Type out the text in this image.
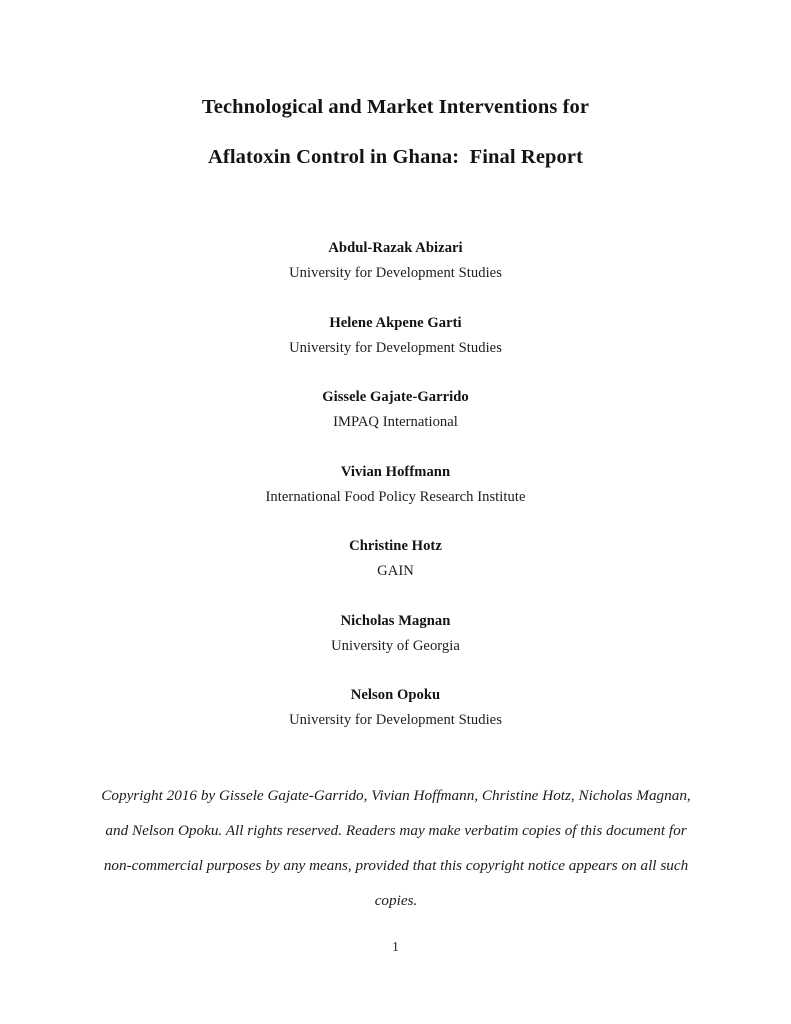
Technological and Market Interventions for
Aflatoxin Control in Ghana:  Final Report
Abdul-Razak Abizari
University for Development Studies
Helene Akpene Garti
University for Development Studies
Gissele Gajate-Garrido
IMPAQ International
Vivian Hoffmann
International Food Policy Research Institute
Christine Hotz
GAIN
Nicholas Magnan
University of Georgia
Nelson Opoku
University for Development Studies
Copyright 2016 by Gissele Gajate-Garrido, Vivian Hoffmann, Christine Hotz, Nicholas Magnan,
and Nelson Opoku. All rights reserved. Readers may make verbatim copies of this document for
non-commercial purposes by any means, provided that this copyright notice appears on all such
copies.
1
